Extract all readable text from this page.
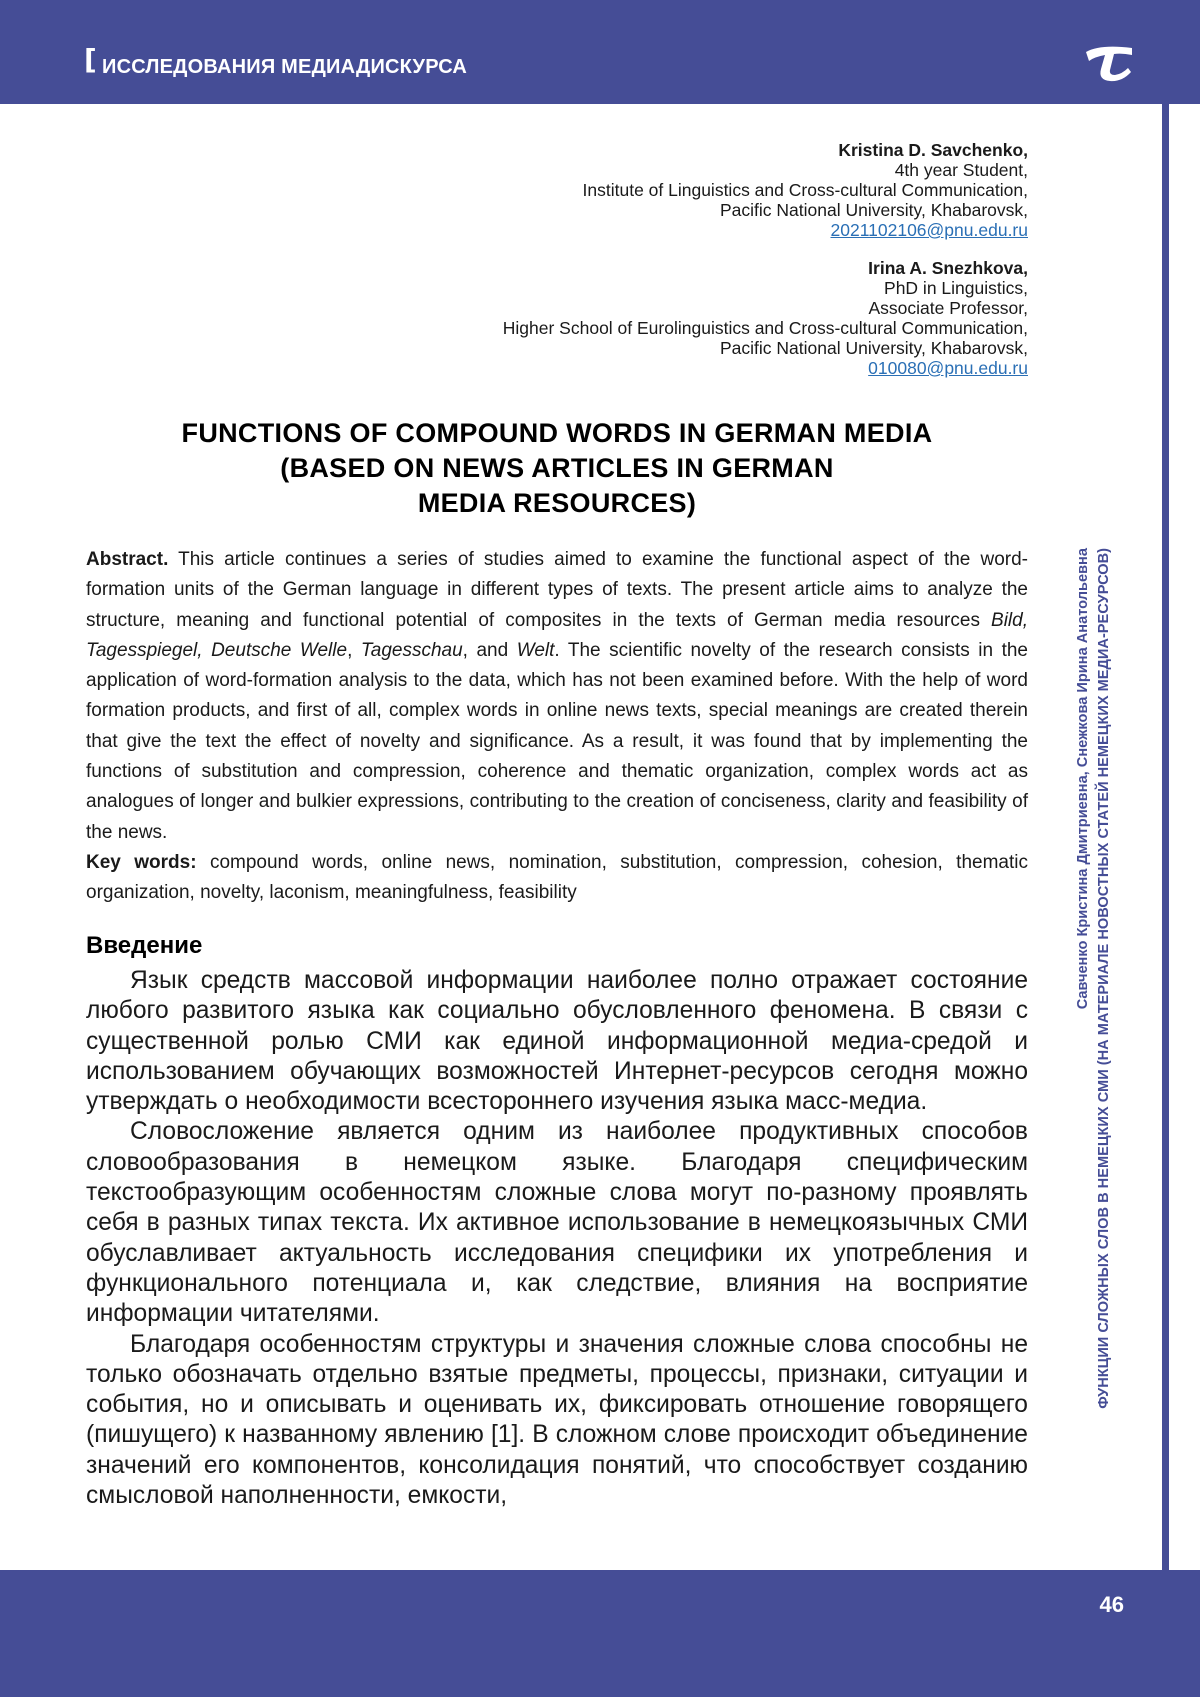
[ ИССЛЕДОВАНИЯ МЕДИАДИСКУРСА
Kristina D. Savchenko,
4th year Student,
Institute of Linguistics and Cross-cultural Communication,
Pacific National University, Khabarovsk,
2021102106@pnu.edu.ru
Irina A. Snezhkova,
PhD in Linguistics,
Associate Professor,
Higher School of Eurolinguistics and Cross-cultural Communication,
Pacific National University, Khabarovsk,
010080@pnu.edu.ru
FUNCTIONS OF COMPOUND WORDS IN GERMAN MEDIA
(BASED ON NEWS ARTICLES IN GERMAN
MEDIA RESOURCES)

Abstract. This article continues a series of studies aimed to examine the functional aspect of the word-formation units of the German language in different types of texts. The present article aims to analyze the structure, meaning and functional potential of composites in the texts of German media resources Bild, Tagesspiegel, Deutsche Welle, Tagesschau, and Welt. The scientific novelty of the research consists in the application of word-formation analysis to the data, which has not been examined before. With the help of word formation products, and first of all, complex words in online news texts, special meanings are created therein that give the text the effect of novelty and significance. As a result, it was found that by implementing the functions of substitution and compression, coherence and thematic organization, complex words act as analogues of longer and bulkier expressions, contributing to the creation of conciseness, clarity and feasibility of the news.

Key words: compound words, online news, nomination, substitution, compression, cohesion, thematic organization, novelty, laconism, meaningfulness, feasibility

Введение

Язык средств массовой информации наиболее полно отражает состояние любого развитого языка как социально обусловленного феномена. В связи с существенной ролью СМИ как единой информационной медиа-средой и использованием обучающих возможностей Интернет-ресурсов сегодня можно утверждать о необходимости всестороннего изучения языка масс-медиа.

Словосложение является одним из наиболее продуктивных способов словообразования в немецком языке. Благодаря специфическим текстообразующим особенностям сложные слова могут по-разному проявлять себя в разных типах текста. Их активное использование в немецкоязычных СМИ обуславливает актуальность исследования специфики их употребления и функционального потенциала и, как следствие, влияния на восприятие информации читателями.

Благодаря особенностям структуры и значения сложные слова способны не только обозначать отдельно взятые предметы, процессы, признаки, ситуации и события, но и описывать и оценивать их, фиксировать отношение говорящего (пишущего) к названному явлению [1]. В сложном слове происходит объединение значений его компонентов, консолидация понятий, что способствует созданию смысловой наполненности, емкости,

Савченко Кристина Дмитриевна, Снежкова Ирина Анатольевна ФУНКЦИИ СЛОЖНЫХ СЛОВ В НЕМЕЦКИХ СМИ (НА МАТЕРИАЛЕ НОВОСТНЫХ СТАТЕЙ НЕМЕЦКИХ МЕДИА-РЕСУРСОВ)
46
